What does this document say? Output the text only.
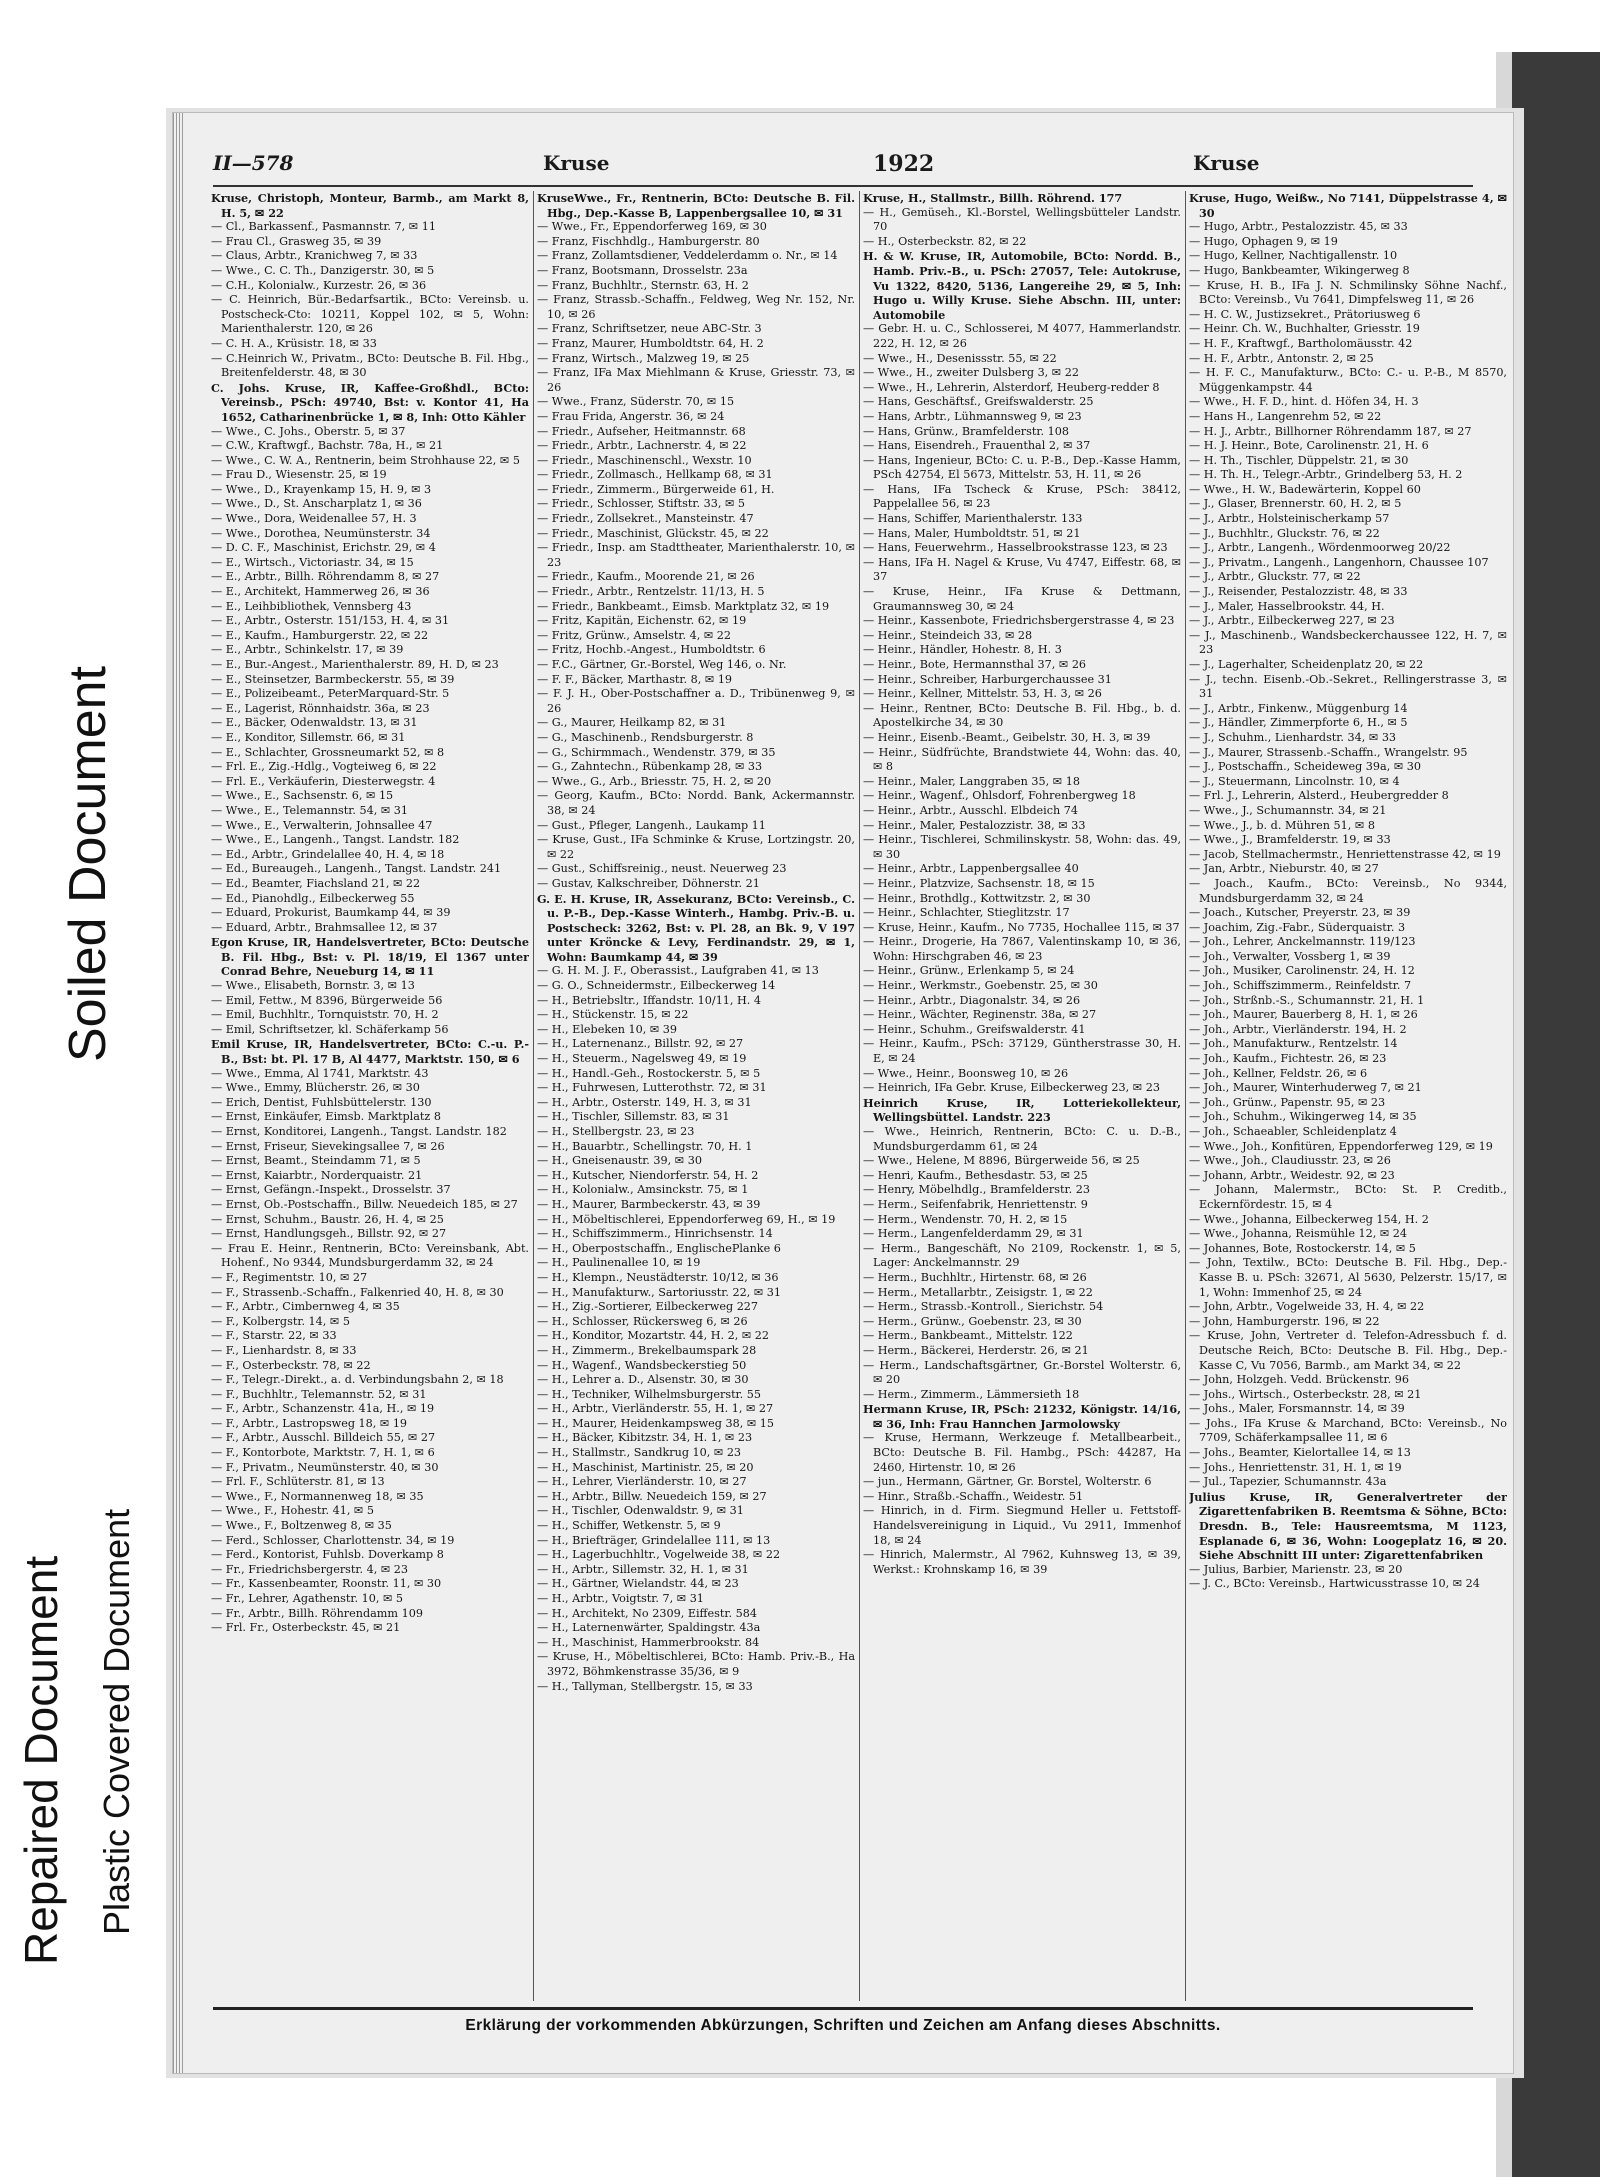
Soiled Document
Repaired Document Plastic Covered Document
II—578	Kruse	1922	Kruse

Kruse, Christoph, Monteur, Barmb., am Markt 8, H. 5, ✉ 22

— Cl., Barkassenf., Pasmannstr. 7, ✉ 11

— Frau Cl., Grasweg 35, ✉ 39

— Claus, Arbtr., Kranichweg 7, ✉ 33

— Wwe., C. C. Th., Danzigerstr. 30, ✉ 5

— C.H., Kolonialw., Kurzestr. 26, ✉ 36

— C. Heinrich, Bür.-Bedarfsartik., BCto: Vereinsb. u. Postscheck-Cto: 10211, Koppel 102, ✉ 5, Wohn: Marienthalerstr. 120, ✉ 26

— C. H. A., Krüsistr. 18, ✉ 33

— C.Heinrich W., Privatm., BCto: Deutsche B. Fil. Hbg., Breitenfelderstr. 48, ✉ 30

C. Johs. Kruse, IR, Kaffee-Großhdl., BCto: Vereinsb., PSch: 49740, Bst: v. Kontor 41, Ha 1652, Catharinenbrücke 1, ✉ 8, Inh: Otto Kähler

— Wwe., C. Johs., Oberstr. 5, ✉ 37

— C.W., Kraftwgf., Bachstr. 78a, H., ✉ 21

— Wwe., C. W. A., Rentnerin, beim Strohhause 22, ✉ 5

— Frau D., Wiesenstr. 25, ✉ 19

— Wwe., D., Krayenkamp 15, H. 9, ✉ 3

— Wwe., D., St. Anscharplatz 1, ✉ 36

— Wwe., Dora, Weidenallee 57, H. 3

— Wwe., Dorothea, Neumünsterstr. 34

— D. C. F., Maschinist, Erichstr. 29, ✉ 4

— E., Wirtsch., Victoriastr. 34, ✉ 15

— E., Arbtr., Billh. Röhrendamm 8, ✉ 27

— E., Architekt, Hammerweg 26, ✉ 36

— E., Leihbibliothek, Vennsberg 43

— E., Arbtr., Osterstr. 151/153, H. 4, ✉ 31

— E., Kaufm., Hamburgerstr. 22, ✉ 22

— E., Arbtr., Schinkelstr. 17, ✉ 39

— E., Bur.-Angest., Marienthalerstr. 89, H. D, ✉ 23

— E., Steinsetzer, Barmbeckerstr. 55, ✉ 39

— E., Polizeibeamt., PeterMarquard-Str. 5

— E., Lagerist, Rönnhaidstr. 36a, ✉ 23

— E., Bäcker, Odenwaldstr. 13, ✉ 31

— E., Konditor, Sillemstr. 66, ✉ 31

— E., Schlachter, Grossneumarkt 52, ✉ 8

— Frl. E., Zig.-Hdlg., Vogteiweg 6, ✉ 22

— Frl. E., Verkäuferin, Diesterwegstr. 4

— Wwe., E., Sachsenstr. 6, ✉ 15

— Wwe., E., Telemannstr. 54, ✉ 31

— Wwe., E., Verwalterin, Johnsallee 47

— Wwe., E., Langenh., Tangst. Landstr. 182

— Ed., Arbtr., Grindelallee 40, H. 4, ✉ 18

— Ed., Bureaugeh., Langenh., Tangst. Landstr. 241

— Ed., Beamter, Fiachsland 21, ✉ 22

— Ed., Pianohdlg., Eilbeckerweg 55

— Eduard, Prokurist, Baumkamp 44, ✉ 39

— Eduard, Arbtr., Brahmsallee 12, ✉ 37

Egon Kruse, IR, Handelsvertreter, BCto: Deutsche B. Fil. Hbg., Bst: v. Pl. 18/19, El 1367 unter Conrad Behre, Neueburg 14, ✉ 11

— Wwe., Elisabeth, Bornstr. 3, ✉ 13

— Emil, Fettw., M 8396, Bürgerweide 56

— Emil, Buchhltr., Tornquiststr. 70, H. 2

— Emil, Schriftsetzer, kl. Schäferkamp 56

Emil Kruse, IR, Handelsvertreter, BCto: C.-u. P.-B., Bst: bt. Pl. 17 B, Al 4477, Marktstr. 150, ✉ 6

— Wwe., Emma, Al 1741, Marktstr. 43

— Wwe., Emmy, Blücherstr. 26, ✉ 30

— Erich, Dentist, Fuhlsbüttelerstr. 130

— Ernst, Einkäufer, Eimsb. Marktplatz 8

— Ernst, Konditorei, Langenh., Tangst. Landstr. 182

— Ernst, Friseur, Sievekingsallee 7, ✉ 26

— Ernst, Beamt., Steindamm 71, ✉ 5

— Ernst, Kaiarbtr., Norderquaistr. 21

— Ernst, Gefängn.-Inspekt., Drosselstr. 37

— Ernst, Ob.-Postschaffn., Billw. Neuedeich 185, ✉ 27

— Ernst, Schuhm., Baustr. 26, H. 4, ✉ 25

— Ernst, Handlungsgeh., Billstr. 92, ✉ 27

— Frau E. Heinr., Rentnerin, BCto: Vereinsbank, Abt. Hohenf., No 9344, Mundsburgerdamm 32, ✉ 24

— F., Regimentstr. 10, ✉ 27

— F., Strassenb.-Schaffn., Falkenried 40, H. 8, ✉ 30

— F., Arbtr., Cimbernweg 4, ✉ 35

— F., Kolbergstr. 14, ✉ 5

— F., Starstr. 22, ✉ 33

— F., Lienhardstr. 8, ✉ 33

— F., Osterbeckstr. 78, ✉ 22

— F., Telegr.-Direkt., a. d. Verbindungsbahn 2, ✉ 18

— F., Buchhltr., Telemannstr. 52, ✉ 31

— F., Arbtr., Schanzenstr. 41a, H., ✉ 19

— F., Arbtr., Lastropsweg 18, ✉ 19

— F., Arbtr., Ausschl. Billdeich 55, ✉ 27

— F., Kontorbote, Marktstr. 7, H. 1, ✉ 6

— F., Privatm., Neumünsterstr. 40, ✉ 30

— Frl. F., Schlüterstr. 81, ✉ 13

— Wwe., F., Normannenweg 18, ✉ 35

— Wwe., F., Hohestr. 41, ✉ 5

— Wwe., F., Boltzenweg 8, ✉ 35

— Ferd., Schlosser, Charlottenstr. 34, ✉ 19

— Ferd., Kontorist, Fuhlsb. Doverkamp 8

— Fr., Friedrichsbergerstr. 4, ✉ 23

— Fr., Kassenbeamter, Roonstr. 11, ✉ 30

— Fr., Lehrer, Agathenstr. 10, ✉ 5

— Fr., Arbtr., Billh. Röhrendamm 109

— Frl. Fr., Osterbeckstr. 45, ✉ 21

KruseWwe., Fr., Rentnerin, BCto: Deutsche B. Fil. Hbg., Dep.-Kasse B, Lappenbergsallee 10, ✉ 31

— Wwe., Fr., Eppendorferweg 169, ✉ 30

— Franz, Fischhdlg., Hamburgerstr. 80

— Franz, Zollamtsdiener, Veddelerdamm o. Nr., ✉ 14

— Franz, Bootsmann, Drosselstr. 23a

— Franz, Buchhltr., Sternstr. 63, H. 2

— Franz, Strassb.-Schaffn., Feldweg, Weg Nr. 152, Nr. 10, ✉ 26

— Franz, Schriftsetzer, neue ABC-Str. 3

— Franz, Maurer, Humboldtstr. 64, H. 2

— Franz, Wirtsch., Malzweg 19, ✉ 25

— Franz, IFa Max Miehlmann & Kruse, Griesstr. 73, ✉ 26

— Wwe., Franz, Süderstr. 70, ✉ 15

— Frau Frida, Angerstr. 36, ✉ 24

— Friedr., Aufseher, Heitmannstr. 68

— Friedr., Arbtr., Lachnerstr. 4, ✉ 22

— Friedr., Maschinenschl., Wexstr. 10

— Friedr., Zollmasch., Hellkamp 68, ✉ 31

— Friedr., Zimmerm., Bürgerweide 61, H.

— Friedr., Schlosser, Stiftstr. 33, ✉ 5

— Friedr., Zollsekret., Mansteinstr. 47

— Friedr., Maschinist, Glückstr. 45, ✉ 22

— Friedr., Insp. am Stadttheater, Marienthalerstr. 10, ✉ 23

— Friedr., Kaufm., Moorende 21, ✉ 26

— Friedr., Arbtr., Rentzelstr. 11/13, H. 5

— Friedr., Bankbeamt., Eimsb. Marktplatz 32, ✉ 19

— Fritz, Kapitän, Eichenstr. 62, ✉ 19

— Fritz, Grünw., Amselstr. 4, ✉ 22

— Fritz, Hochb.-Angest., Humboldtstr. 6

— F.C., Gärtner, Gr.-Borstel, Weg 146, o. Nr.

— F. F., Bäcker, Marthastr. 8, ✉ 19

— F. J. H., Ober-Postschaffner a. D., Tribünenweg 9, ✉ 26

— G., Maurer, Heilkamp 82, ✉ 31

— G., Maschinenb., Rendsburgerstr. 8

— G., Schirmmach., Wendenstr. 379, ✉ 35

— G., Zahntechn., Rübenkamp 28, ✉ 33

— Wwe., G., Arb., Briesstr. 75, H. 2, ✉ 20

— Georg, Kaufm., BCto: Nordd. Bank, Ackermannstr. 38, ✉ 24

— Gust., Pfleger, Langenh., Laukamp 11

— Kruse, Gust., IFa Schminke & Kruse, Lortzingstr. 20, ✉ 22

— Gust., Schiffsreinig., neust. Neuerweg 23

— Gustav, Kalkschreiber, Döhnerstr. 21

G. E. H. Kruse, IR, Assekuranz, BCto: Vereinsb., C. u. P.-B., Dep.-Kasse Winterh., Hambg. Priv.-B. u. Postscheck: 3262, Bst: v. Pl. 28, an Bk. 9, V 197 unter Kröncke & Levy, Ferdinandstr. 29, ✉ 1, Wohn: Baumkamp 44, ✉ 39

— G. H. M. J. F., Oberassist., Laufgraben 41, ✉ 13

— G. O., Schneidermstr., Eilbeckerweg 14

— H., Betriebsltr., Iffandstr. 10/11, H. 4

— H., Stückenstr. 15, ✉ 22

— H., Elebeken 10, ✉ 39

— H., Laternenanz., Billstr. 92, ✉ 27

— H., Steuerm., Nagelsweg 49, ✉ 19

— H., Handl.-Geh., Rostockerstr. 5, ✉ 5

— H., Fuhrwesen, Lutterothstr. 72, ✉ 31

— H., Arbtr., Osterstr. 149, H. 3, ✉ 31

— H., Tischler, Sillemstr. 83, ✉ 31

— H., Stellbergstr. 23, ✉ 23

— H., Bauarbtr., Schellingstr. 70, H. 1

— H., Gneisenaustr. 39, ✉ 30

— H., Kutscher, Niendorferstr. 54, H. 2

— H., Kolonialw., Amsinckstr. 75, ✉ 1

— H., Maurer, Barmbeckerstr. 43, ✉ 39

— H., Möbeltischlerei, Eppendorferweg 69, H., ✉ 19

— H., Schiffszimmerm., Hinrichsenstr. 14

— H., Oberpostschaffn., EnglischePlanke 6

— H., Paulinenallee 10, ✉ 19

— H., Klempn., Neustädterstr. 10/12, ✉ 36

— H., Manufakturw., Sartoriusstr. 22, ✉ 31

— H., Zig.-Sortierer, Eilbeckerweg 227

— H., Schlosser, Rückersweg 6, ✉ 26

— H., Konditor, Mozartstr. 44, H. 2, ✉ 22

— H., Zimmerm., Brekelbaumspark 28

— H., Wagenf., Wandsbeckerstieg 50

— H., Lehrer a. D., Alsenstr. 30, ✉ 30

— H., Techniker, Wilhelmsburgerstr. 55

— H., Arbtr., Vierländerstr. 55, H. 1, ✉ 27

— H., Maurer, Heidenkampsweg 38, ✉ 15

— H., Bäcker, Kibitzstr. 34, H. 1, ✉ 23

— H., Stallmstr., Sandkrug 10, ✉ 23

— H., Maschinist, Martinistr. 25, ✉ 20

— H., Lehrer, Vierländerstr. 10, ✉ 27

— H., Arbtr., Billw. Neuedeich 159, ✉ 27

— H., Tischler, Odenwaldstr. 9, ✉ 31

— H., Schiffer, Wetkenstr. 5, ✉ 9

— H., Briefträger, Grindelallee 111, ✉ 13

— H., Lagerbuchhltr., Vogelweide 38, ✉ 22

— H., Arbtr., Sillemstr. 32, H. 1, ✉ 31

— H., Gärtner, Wielandstr. 44, ✉ 23

— H., Arbtr., Voigtstr. 7, ✉ 31

— H., Architekt, No 2309, Eiffestr. 584

— H., Laternenwärter, Spaldingstr. 43a

— H., Maschinist, Hammerbrookstr. 84

— Kruse, H., Möbeltischlerei, BCto: Hamb. Priv.-B., Ha 3972, Böhmkenstrasse 35/36, ✉ 9

— H., Tallyman, Stellbergstr. 15, ✉ 33

Kruse, H., Stallmstr., Billh. Röhrend. 177

— H., Gemüseh., Kl.-Borstel, Wellingsbütteler Landstr. 70

— H., Osterbeckstr. 82, ✉ 22

H. & W. Kruse, IR, Automobile, BCto: Nordd. B., Hamb. Priv.-B., u. PSch: 27057, Tele: Autokruse, Vu 1322, 8420, 5136, Langereihe 29, ✉ 5, Inh: Hugo u. Willy Kruse. Siehe Abschn. III, unter: Automobile

— Gebr. H. u. C., Schlosserei, M 4077, Hammerlandstr. 222, H. 12, ✉ 26

— Wwe., H., Desenissstr. 55, ✉ 22

— Wwe., H., zweiter Dulsberg 3, ✉ 22

— Wwe., H., Lehrerin, Alsterdorf, Heuberg-redder 8

— Hans, Geschäftsf., Greifswalderstr. 25

— Hans, Arbtr., Lühmannsweg 9, ✉ 23

— Hans, Grünw., Bramfelderstr. 108

— Hans, Eisendreh., Frauenthal 2, ✉ 37

— Hans, Ingenieur, BCto: C. u. P.-B., Dep.-Kasse Hamm, PSch 42754, El 5673, Mittelstr. 53, H. 11, ✉ 26

— Hans, IFa Tscheck & Kruse, PSch: 38412, Pappelallee 56, ✉ 23

— Hans, Schiffer, Marienthalerstr. 133

— Hans, Maler, Humboldtstr. 51, ✉ 21

— Hans, Feuerwehrm., Hasselbrookstrasse 123, ✉ 23

— Hans, IFa H. Nagel & Kruse, Vu 4747, Eiffestr. 68, ✉ 37

— Kruse, Heinr., IFa Kruse & Dettmann, Graumannsweg 30, ✉ 24

— Heinr., Kassenbote, Friedrichsbergerstrasse 4, ✉ 23

— Heinr., Steindeich 33, ✉ 28

— Heinr., Händler, Hohestr. 8, H. 3

— Heinr., Bote, Hermannsthal 37, ✉ 26

— Heinr., Schreiber, Harburgerchaussee 31

— Heinr., Kellner, Mittelstr. 53, H. 3, ✉ 26

— Heinr., Rentner, BCto: Deutsche B. Fil. Hbg., b. d. Apostelkirche 34, ✉ 30

— Heinr., Eisenb.-Beamt., Geibelstr. 30, H. 3, ✉ 39

— Heinr., Südfrüchte, Brandstwiete 44, Wohn: das. 40, ✉ 8

— Heinr., Maler, Langgraben 35, ✉ 18

— Heinr., Wagenf., Ohlsdorf, Fohrenbergweg 18

— Heinr., Arbtr., Ausschl. Elbdeich 74

— Heinr., Maler, Pestalozzistr. 38, ✉ 33

— Heinr., Tischlerei, Schmilinskystr. 58, Wohn: das. 49, ✉ 30

— Heinr., Arbtr., Lappenbergsallee 40

— Heinr., Platzvize, Sachsenstr. 18, ✉ 15

— Heinr., Brothdlg., Kottwitzstr. 2, ✉ 30

— Heinr., Schlachter, Stieglitzstr. 17

— Kruse, Heinr., Kaufm., No 7735, Hochallee 115, ✉ 37

— Heinr., Drogerie, Ha 7867, Valentinskamp 10, ✉ 36, Wohn: Hirschgraben 46, ✉ 23

— Heinr., Grünw., Erlenkamp 5, ✉ 24

— Heinr., Werkmstr., Goebenstr. 25, ✉ 30

— Heinr., Arbtr., Diagonalstr. 34, ✉ 26

— Heinr., Wächter, Reginenstr. 38a, ✉ 27

— Heinr., Schuhm., Greifswalderstr. 41

— Heinr., Kaufm., PSch: 37129, Güntherstrasse 30, H. E, ✉ 24

— Wwe., Heinr., Boonsweg 10, ✉ 26

— Heinrich, IFa Gebr. Kruse, Eilbeckerweg 23, ✉ 23

Heinrich Kruse, IR, Lotteriekollekteur, Wellingsbüttel. Landstr. 223

— Wwe., Heinrich, Rentnerin, BCto: C. u. D.-B., Mundsburgerdamm 61, ✉ 24

— Wwe., Helene, M 8896, Bürgerweide 56, ✉ 25

— Henri, Kaufm., Bethesdastr. 53, ✉ 25

— Henry, Möbelhdlg., Bramfelderstr. 23

— Herm., Seifenfabrik, Henriettenstr. 9

— Herm., Wendenstr. 70, H. 2, ✉ 15

— Herm., Langenfelderdamm 29, ✉ 31

— Herm., Bangeschäft, No 2109, Rockenstr. 1, ✉ 5, Lager: Anckelmannstr. 29

— Herm., Buchhltr., Hirtenstr. 68, ✉ 26

— Herm., Metallarbtr., Zeisigstr. 1, ✉ 22

— Herm., Strassb.-Kontroll., Sierichstr. 54

— Herm., Grünw., Goebenstr. 23, ✉ 30

— Herm., Bankbeamt., Mittelstr. 122

— Herm., Bäckerei, Herderstr. 26, ✉ 21

— Herm., Landschaftsgärtner, Gr.-Borstel Wolterstr. 6, ✉ 20

— Herm., Zimmerm., Lämmersieth 18

Hermann Kruse, IR, PSch: 21232, Königstr. 14/16, ✉ 36, Inh: Frau Hannchen Jarmolowsky

— Kruse, Hermann, Werkzeuge f. Metallbearbeit., BCto: Deutsche B. Fil. Hambg., PSch: 44287, Ha 2460, Hirtenstr. 10, ✉ 26

— jun., Hermann, Gärtner, Gr. Borstel, Wolterstr. 6

— Hinr., Straßb.-Schaffn., Weidestr. 51

— Hinrich, in d. Firm. Siegmund Heller u. Fettstoff-Handelsvereinigung in Liquid., Vu 2911, Immenhof 18, ✉ 24

— Hinrich, Malermstr., Al 7962, Kuhnsweg 13, ✉ 39, Werkst.: Krohnskamp 16, ✉ 39

Kruse, Hugo, Weißw., No 7141, Düppelstrasse 4, ✉ 30

— Hugo, Arbtr., Pestalozzistr. 45, ✉ 33

— Hugo, Ophagen 9, ✉ 19

— Hugo, Kellner, Nachtigallenstr. 10

— Hugo, Bankbeamter, Wikingerweg 8

— Kruse, H. B., IFa J. N. Schmilinsky Söhne Nachf., BCto: Vereinsb., Vu 7641, Dimpfelsweg 11, ✉ 26

— H. C. W., Justizsekret., Prätoriusweg 6

— Heinr. Ch. W., Buchhalter, Griesstr. 19

— H. F., Kraftwgf., Bartholomäusstr. 42

— H. F., Arbtr., Antonstr. 2, ✉ 25

— H. F. C., Manufakturw., BCto: C.- u. P.-B., M 8570, Müggenkampstr. 44

— Wwe., H. F. D., hint. d. Höfen 34, H. 3

— Hans H., Langenrehm 52, ✉ 22

— H. J., Arbtr., Billhorner Röhrendamm 187, ✉ 27

— H. J. Heinr., Bote, Carolinenstr. 21, H. 6

— H. Th., Tischler, Düppelstr. 21, ✉ 30

— H. Th. H., Telegr.-Arbtr., Grindelberg 53, H. 2

— Wwe., H. W., Badewärterin, Koppel 60

— J., Glaser, Brennerstr. 60, H. 2, ✉ 5

— J., Arbtr., Holsteinischerkamp 57

— J., Buchhltr., Gluckstr. 76, ✉ 22

— J., Arbtr., Langenh., Wördenmoorweg 20/22

— J., Privatm., Langenh., Langenhorn, Chaussee 107

— J., Arbtr., Gluckstr. 77, ✉ 22

— J., Reisender, Pestalozzistr. 48, ✉ 33

— J., Maler, Hasselbrookstr. 44, H.

— J., Arbtr., Eilbeckerweg 227, ✉ 23

— J., Maschinenb., Wandsbeckerchaussee 122, H. 7, ✉ 23

— J., Lagerhalter, Scheidenplatz 20, ✉ 22

— J., techn. Eisenb.-Ob.-Sekret., Rellingerstrasse 3, ✉ 31

— J., Arbtr., Finkenw., Müggenburg 14

— J., Händler, Zimmerpforte 6, H., ✉ 5

— J., Schuhm., Lienhardstr. 34, ✉ 33

— J., Maurer, Strassenb.-Schaffn., Wrangelstr. 95

— J., Postschaffn., Scheideweg 39a, ✉ 30

— J., Steuermann, Lincolnstr. 10, ✉ 4

— Frl. J., Lehrerin, Alsterd., Heubergredder 8

— Wwe., J., Schumannstr. 34, ✉ 21

— Wwe., J., b. d. Mühren 51, ✉ 8

— Wwe., J., Bramfelderstr. 19, ✉ 33

— Jacob, Stellmachermstr., Henriettenstrasse 42, ✉ 19

— Jan, Arbtr., Nieburstr. 40, ✉ 27

— Joach., Kaufm., BCto: Vereinsb., No 9344, Mundsburgerdamm 32, ✉ 24

— Joach., Kutscher, Preyerstr. 23, ✉ 39

— Joachim, Zig.-Fabr., Süderquaistr. 3

— Joh., Lehrer, Anckelmannstr. 119/123

— Joh., Verwalter, Vossberg 1, ✉ 39

— Joh., Musiker, Carolinenstr. 24, H. 12

— Joh., Schiffszimmerm., Reinfeldstr. 7

— Joh., Strßnb.-S., Schumannstr. 21, H. 1

— Joh., Maurer, Bauerberg 8, H. 1, ✉ 26

— Joh., Arbtr., Vierländerstr. 194, H. 2

— Joh., Manufakturw., Rentzelstr. 14

— Joh., Kaufm., Fichtestr. 26, ✉ 23

— Joh., Kellner, Feldstr. 26, ✉ 6

— Joh., Maurer, Winterhuderweg 7, ✉ 21

— Joh., Grünw., Papenstr. 95, ✉ 23

— Joh., Schuhm., Wikingerweg 14, ✉ 35

— Joh., Schaeabler, Schleidenplatz 4

— Wwe., Joh., Konfitüren, Eppendorferweg 129, ✉ 19

— Wwe., Joh., Claudiusstr. 23, ✉ 26

— Johann, Arbtr., Weidestr. 92, ✉ 23

— Johann, Malermstr., BCto: St. P. Creditb., Eckernfördestr. 15, ✉ 4

— Wwe., Johanna, Eilbeckerweg 154, H. 2

— Wwe., Johanna, Reismühle 12, ✉ 24

— Johannes, Bote, Rostockerstr. 14, ✉ 5

— John, Textilw., BCto: Deutsche B. Fil. Hbg., Dep.-Kasse B. u. PSch: 32671, Al 5630, Pelzerstr. 15/17, ✉ 1, Wohn: Immenhof 25, ✉ 24

— John, Arbtr., Vogelweide 33, H. 4, ✉ 22

— John, Hamburgerstr. 196, ✉ 22

— Kruse, John, Vertreter d. Telefon-Adressbuch f. d. Deutsche Reich, BCto: Deutsche B. Fil. Hbg., Dep.-Kasse C, Vu 7056, Barmb., am Markt 34, ✉ 22

— John, Holzgeh. Vedd. Brückenstr. 96

— Johs., Wirtsch., Osterbeckstr. 28, ✉ 21

— Johs., Maler, Forsmannstr. 14, ✉ 39

— Johs., IFa Kruse & Marchand, BCto: Vereinsb., No 7709, Schäferkampsallee 11, ✉ 6

— Johs., Beamter, Kielortallee 14, ✉ 13

— Johs., Henriettenstr. 31, H. 1, ✉ 19

— Jul., Tapezier, Schumannstr. 43a

Julius Kruse, IR, Generalvertreter der Zigarettenfabriken B. Reemtsma & Söhne, BCto: Dresdn. B., Tele: Hausreemtsma, M 1123, Esplanade 6, ✉ 36, Wohn: Loogeplatz 16, ✉ 20. Siehe Abschnitt III unter: Zigarettenfabriken

— Julius, Barbier, Marienstr. 23, ✉ 20

— J. C., BCto: Vereinsb., Hartwicusstrasse 10, ✉ 24

Erklärung der vorkommenden Abkürzungen, Schriften und Zeichen am Anfang dieses Abschnitts.
